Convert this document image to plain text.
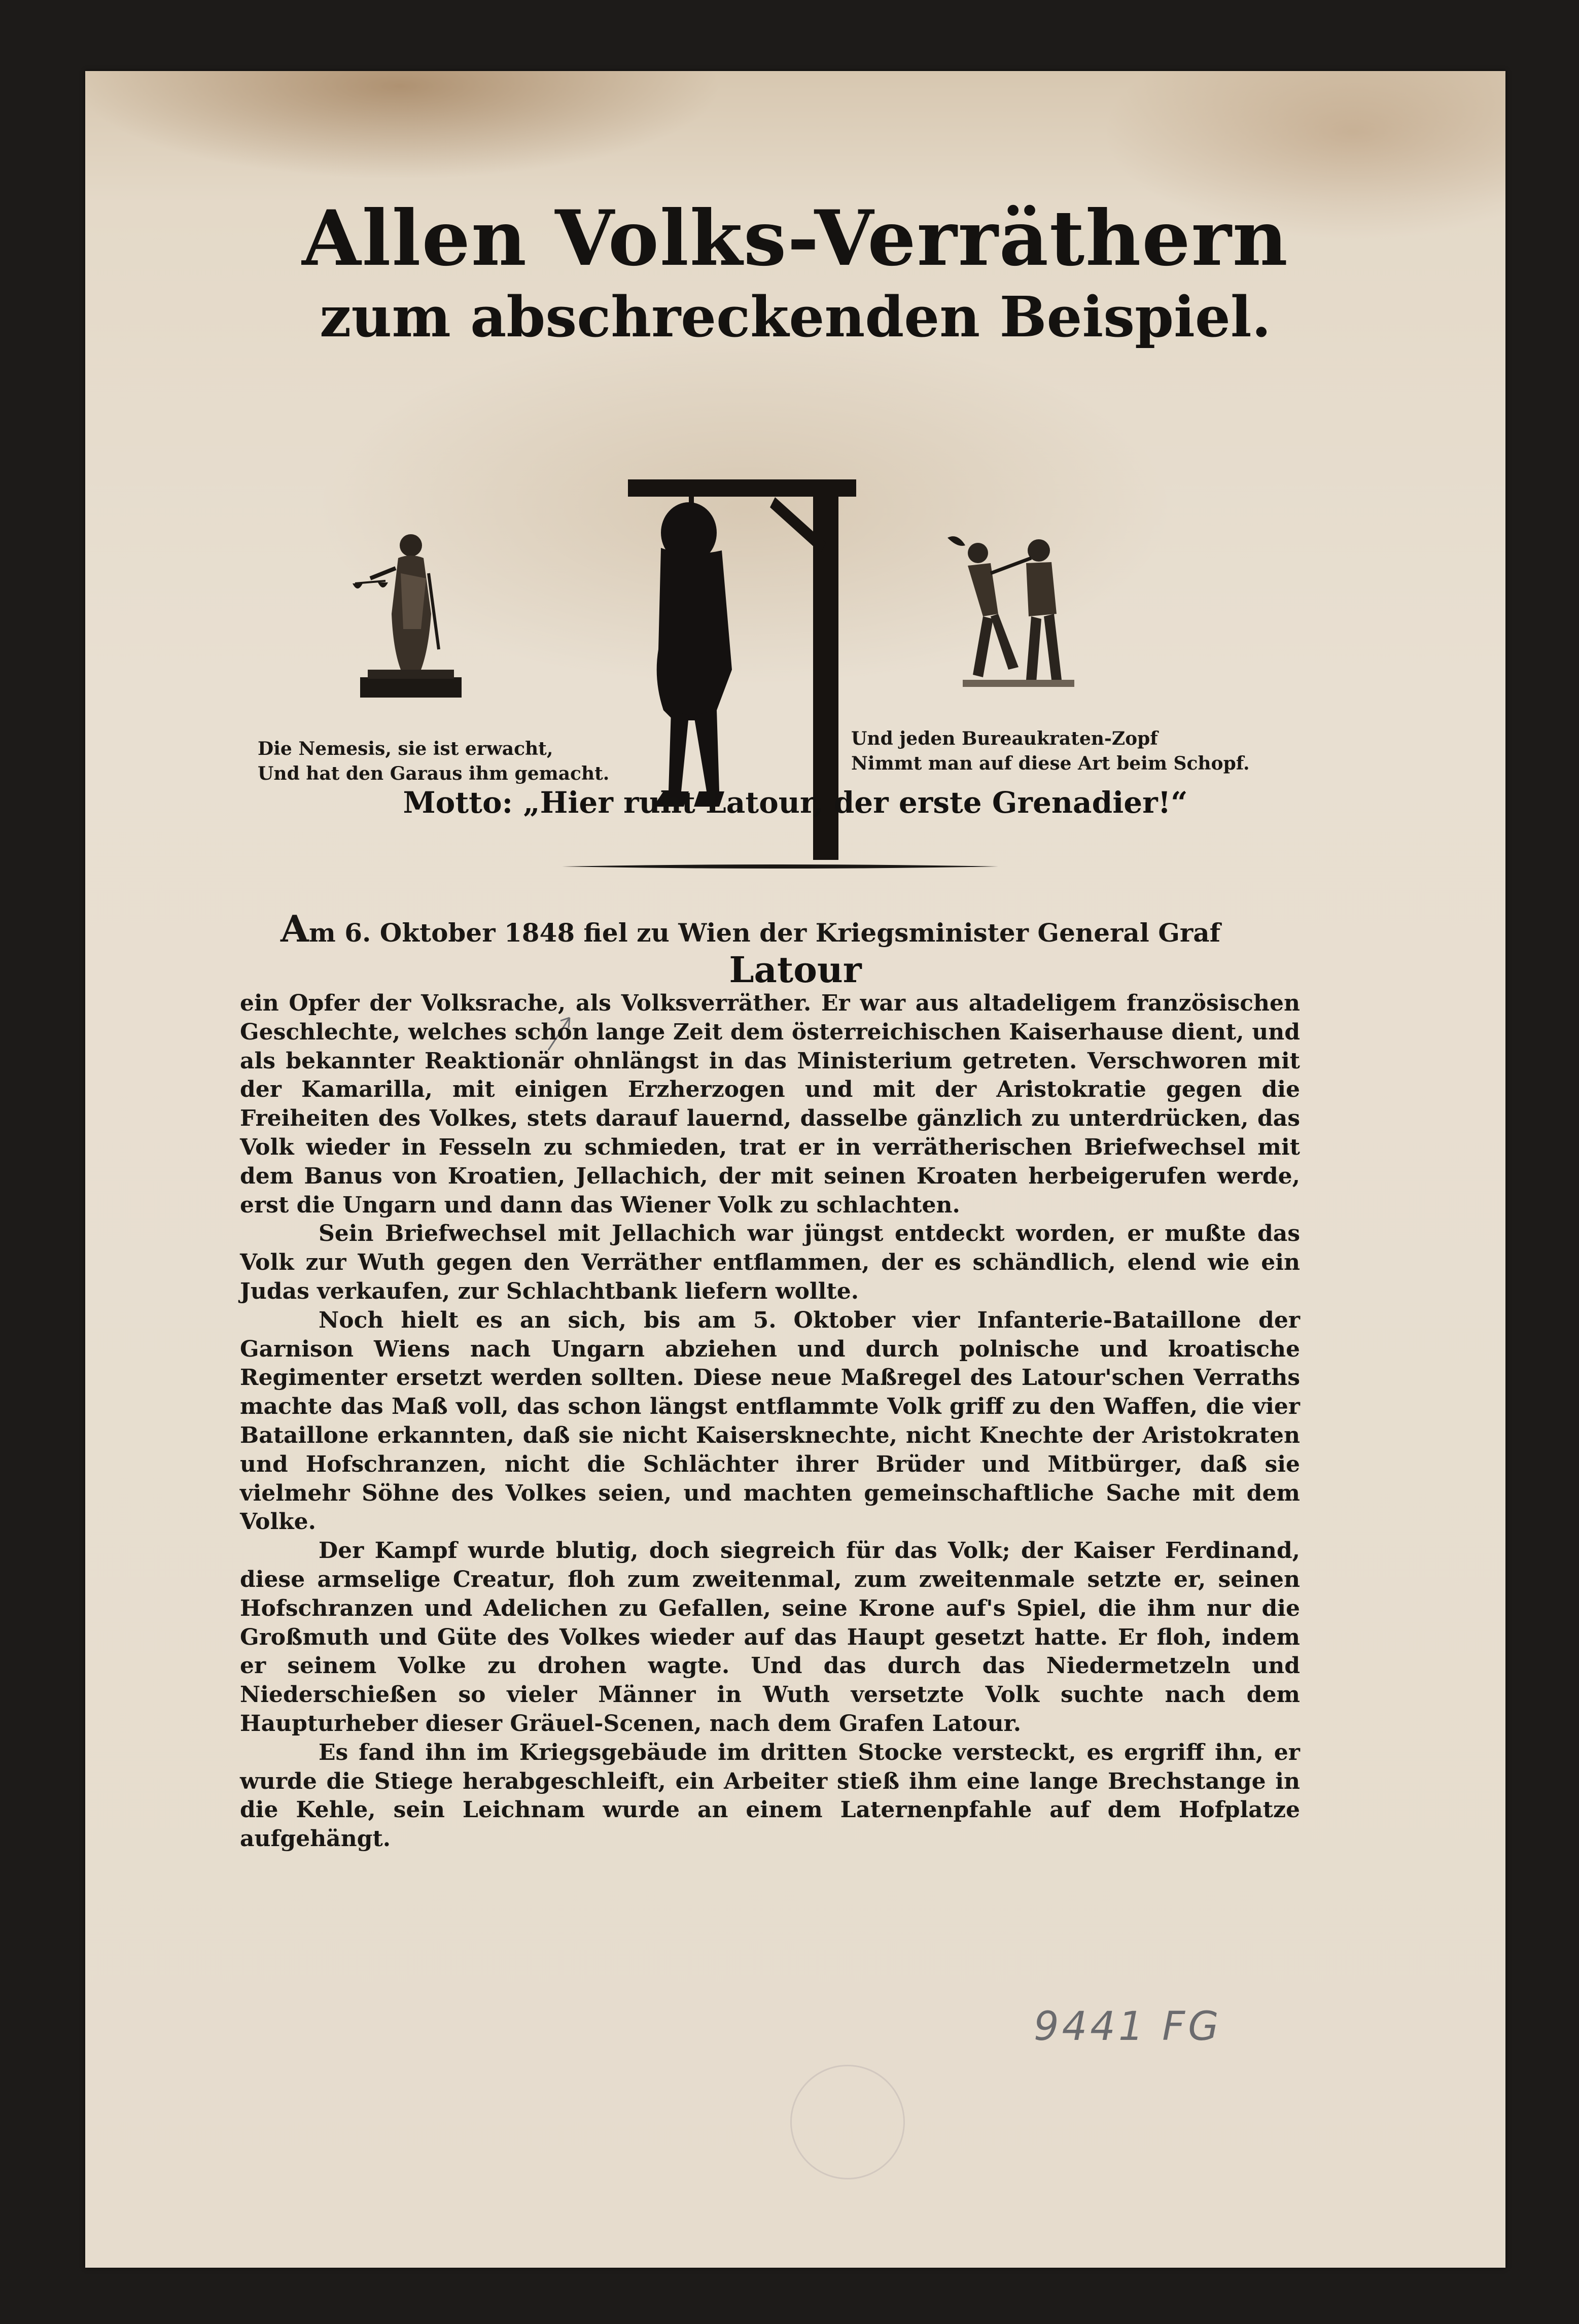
Allen Volks-Verräthern
zum abschreckenden Beispiel.
Die Nemesis, sie ist erwacht,
Und hat den Garaus ihm gemacht.
Und jeden Bureaukraten-Zopf
Nimmt man auf diese Art beim Schopf.
Motto: „Hier ruht Latour, der erste Grenadier!“
Am 6. Oktober 1848 fiel zu Wien der Kriegsminister General Graf
Latour

ein Opfer der Volksrache, als Volksverräther. Er war aus altadeligem französischen Geschlechte, welches schon lange Zeit dem österreichischen Kaiserhause dient, und als bekannter Reaktionär ohnlängst in das Ministerium getreten. Verschworen mit der Kamarilla, mit einigen Erzherzogen und mit der Aristokratie gegen die Freiheiten des Volkes, stets darauf lauernd, dasselbe gänzlich zu unterdrücken, das Volk wieder in Fesseln zu schmieden, trat er in verrätherischen Briefwechsel mit dem Banus von Kroatien, Jellachich, der mit seinen Kroaten herbeigerufen werde, erst die Ungarn und dann das Wiener Volk zu schlachten.

Sein Briefwechsel mit Jellachich war jüngst entdeckt worden, er mußte das Volk zur Wuth gegen den Verräther entflammen, der es schändlich, elend wie ein Judas verkaufen, zur Schlachtbank liefern wollte.

Noch hielt es an sich, bis am 5. Oktober vier Infanterie-Bataillone der Garnison Wiens nach Ungarn abziehen und durch polnische und kroatische Regimenter ersetzt werden sollten. Diese neue Maßregel des Latour'schen Verraths machte das Maß voll, das schon längst entflammte Volk griff zu den Waffen, die vier Bataillone erkannten, daß sie nicht Kaisersknechte, nicht Knechte der Aristokraten und Hofschranzen, nicht die Schlächter ihrer Brüder und Mitbürger, daß sie vielmehr Söhne des Volkes seien, und machten gemeinschaftliche Sache mit dem Volke.

Der Kampf wurde blutig, doch siegreich für das Volk; der Kaiser Ferdinand, diese armselige Creatur, floh zum zweitenmal, zum zweitenmale setzte er, seinen Hofschranzen und Adelichen zu Gefallen, seine Krone auf's Spiel, die ihm nur die Großmuth und Güte des Volkes wieder auf das Haupt gesetzt hatte. Er floh, indem er seinem Volke zu drohen wagte. Und das durch das Niedermetzeln und Niederschießen so vieler Männer in Wuth versetzte Volk suchte nach dem Haupturheber dieser Gräuel-Scenen, nach dem Grafen Latour.

Es fand ihn im Kriegsgebäude im dritten Stocke versteckt, es ergriff ihn, er wurde die Stiege herabgeschleift, ein Arbeiter stieß ihm eine lange Brechstange in die Kehle, sein Leichnam wurde an einem Laternenpfahle auf dem Hofplatze aufgehängt.

9441 FG
